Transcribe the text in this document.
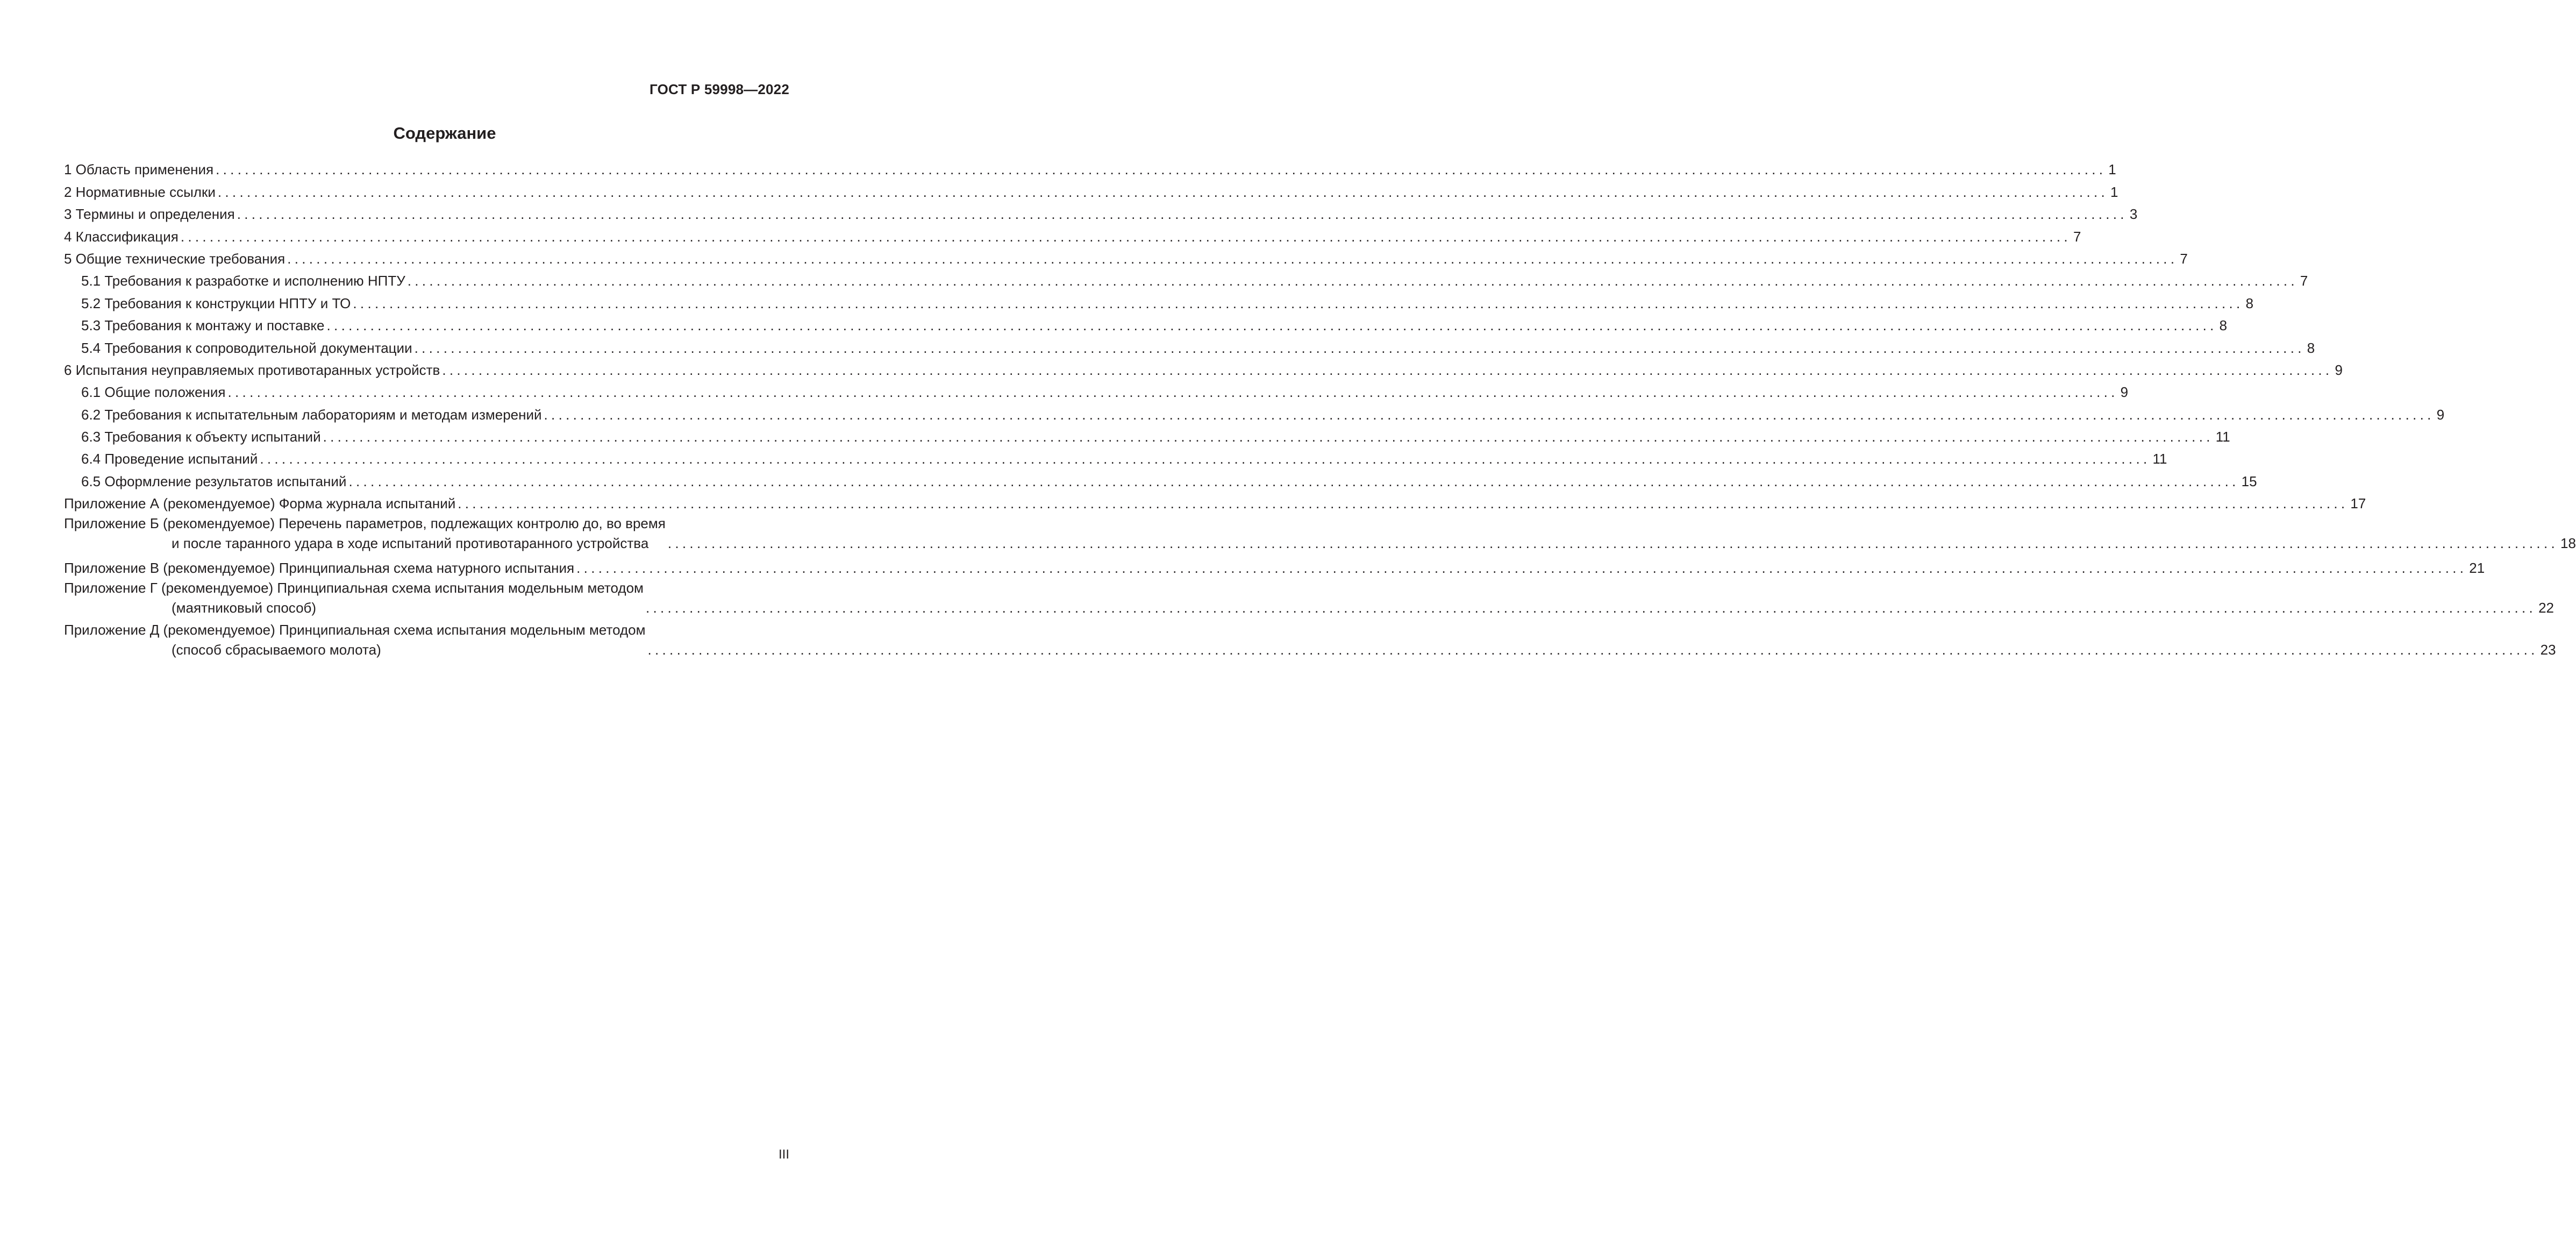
ГОСТ Р 59998—2022
Содержание
1 Область применения .................................................................................................................................................................................................................................................................... 1
2 Нормативные ссылки .................................................................................................................................................................................................................................................................... 1
3 Термины и определения .................................................................................................................................................................................................................................................................... 3
4 Классификация .................................................................................................................................................................................................................................................................... 7
5 Общие технические требования .................................................................................................................................................................................................................................................................... 7
5.1 Требования к разработке и исполнению НПТУ .................................................................................................................................................................................................................................................................... 7
5.2 Требования к конструкции НПТУ и ТО .................................................................................................................................................................................................................................................................... 8
5.3 Требования к монтажу и поставке .................................................................................................................................................................................................................................................................... 8
5.4 Требования к сопроводительной документации .................................................................................................................................................................................................................................................................... 8
6 Испытания неуправляемых противотаранных устройств .................................................................................................................................................................................................................................................................... 9
6.1 Общие положения .................................................................................................................................................................................................................................................................... 9
6.2 Требования к испытательным лабораториям и методам измерений .................................................................................................................................................................................................................................................................... 9
6.3 Требования к объекту испытаний .................................................................................................................................................................................................................................................................... 11
6.4 Проведение испытаний .................................................................................................................................................................................................................................................................... 11
6.5 Оформление результатов испытаний .................................................................................................................................................................................................................................................................... 15
Приложение А (рекомендуемое) Форма журнала испытаний .................................................................................................................................................................................................................................................................... 17
Приложение Б (рекомендуемое) Перечень параметров, подлежащих контролю до, во время
и после таранного удара в ходе испытаний противотаранного устройства	.................................................................................................................................................................................................................................................................... 18
Приложение В (рекомендуемое) Принципиальная схема натурного испытания .................................................................................................................................................................................................................................................................... 21
Приложение Г (рекомендуемое) Принципиальная схема испытания модельным методом
(маятниковый способ)	.................................................................................................................................................................................................................................................................... 22
Приложение Д (рекомендуемое) Принципиальная схема испытания модельным методом
(способ сбрасываемого молота)	.................................................................................................................................................................................................................................................................... 23
III
